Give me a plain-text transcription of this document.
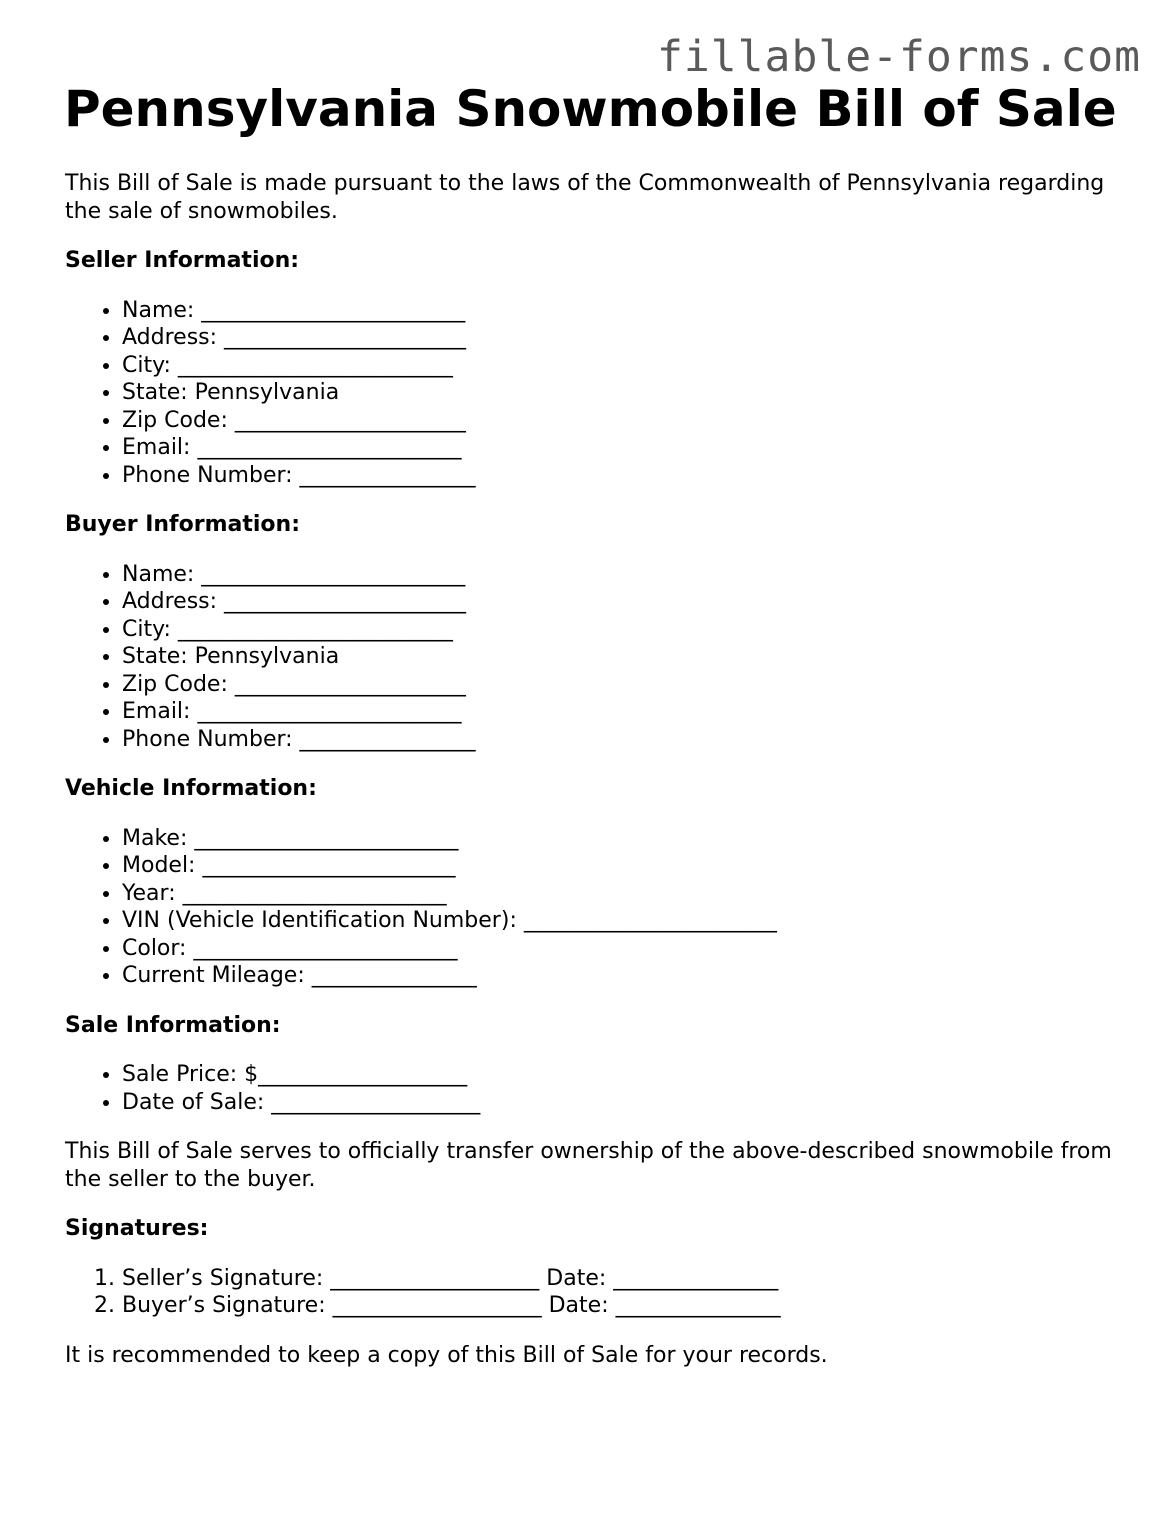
fillable-forms.com
Pennsylvania Snowmobile Bill of Sale

This Bill of Sale is made pursuant to the laws of the Commonwealth of Pennsylvania regarding the sale of snowmobiles.

Seller Information:

• Name: ________________________
• Address: ______________________
• City: _________________________
• State: Pennsylvania
• Zip Code: _____________________
• Email: ________________________
• Phone Number: ________________

Buyer Information:

• Name: ________________________
• Address: ______________________
• City: _________________________
• State: Pennsylvania
• Zip Code: _____________________
• Email: ________________________
• Phone Number: ________________

Vehicle Information:

• Make: ________________________
• Model: _______________________
• Year: ________________________
• VIN (Vehicle Identification Number): _______________________
• Color: ________________________
• Current Mileage: _______________

Sale Information:

• Sale Price: $___________________
• Date of Sale: ___________________

This Bill of Sale serves to officially transfer ownership of the above-described snowmobile from the seller to the buyer.

Signatures:

1. Seller’s Signature: ___________________ Date: _______________
2. Buyer’s Signature: ___________________ Date: _______________

It is recommended to keep a copy of this Bill of Sale for your records.
